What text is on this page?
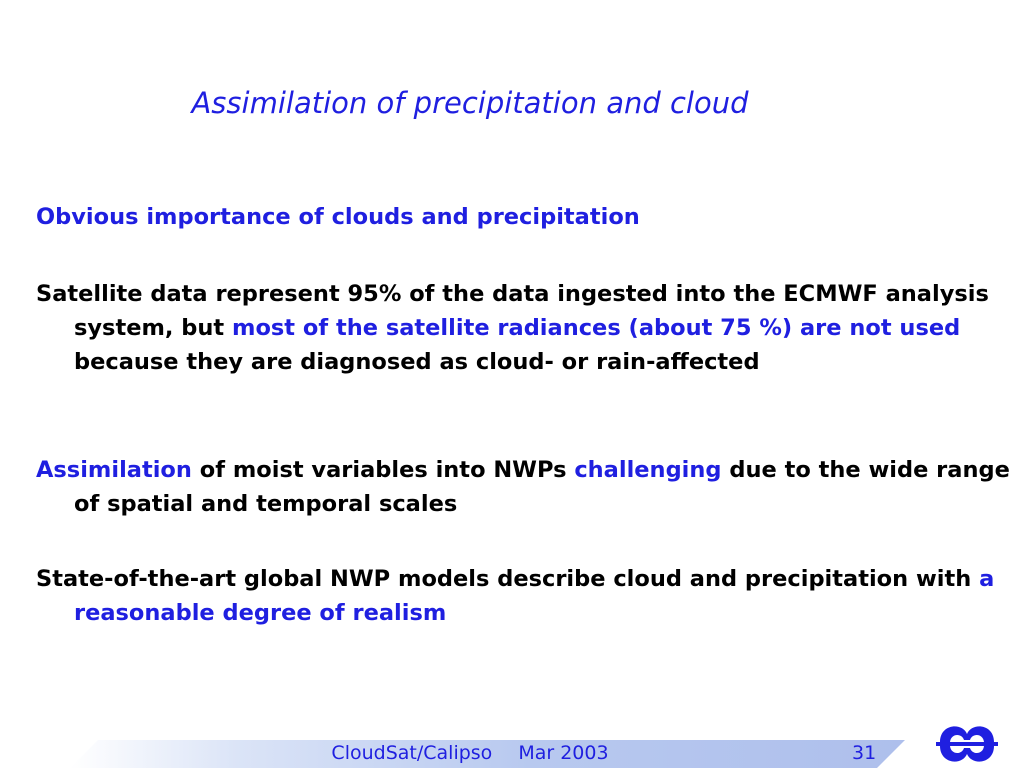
Assimilation of precipitation and cloud
Obvious importance of clouds and precipitation
Satellite data represent 95% of the data ingested into the ECMWF analysis system, but most of the satellite radiances (about 75 %) are not used because they are diagnosed as cloud- or rain-affected
Assimilation of moist variables into NWPs challenging due to the wide range of spatial and temporal scales
State-of-the-art global NWP models describe cloud and precipitation with a reasonable degree of realism
CloudSat/Calipso Mar 2003	31
